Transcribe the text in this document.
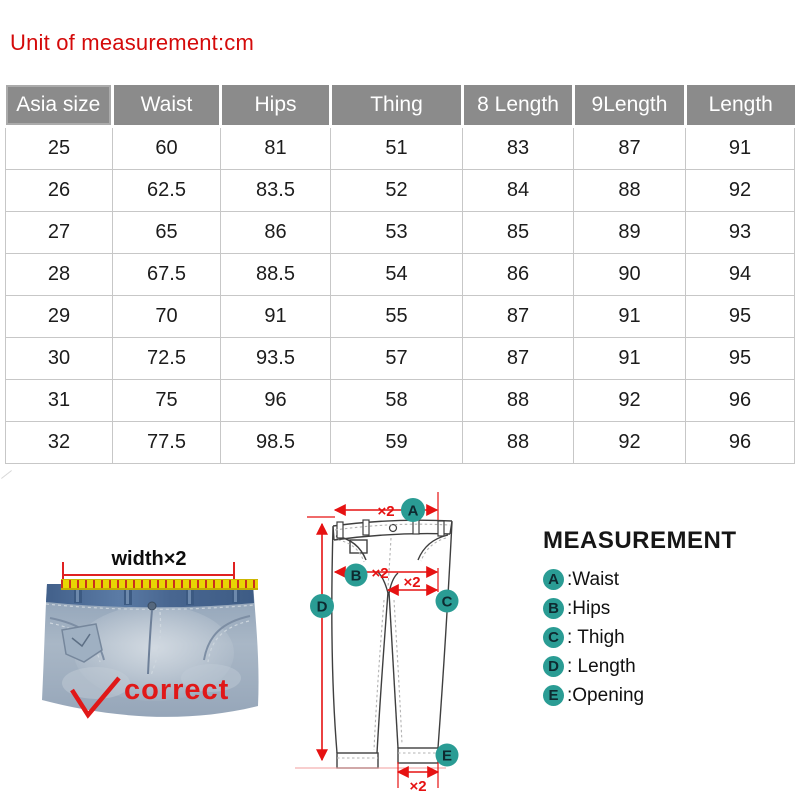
Unit of measurement:cm
Asia size	Waist	Hips	Thing	8 Length	9Length	Length
25	60	81	51	83	87	91
26	62.5	83.5	52	84	88	92
27	65	86	53	85	89	93
28	67.5	88.5	54	86	90	94
29	70	91	55	87	91	95
30	72.5	93.5	57	87	91	95
31	75	96	58	88	92	96
32	77.5	98.5	59	88	92	96
width×2
correct
×2
×2
×2
×2
A
B
C
D
E
MEASUREMENT
A :Waist
B :Hips
C : Thigh
D : Length
E :Opening
